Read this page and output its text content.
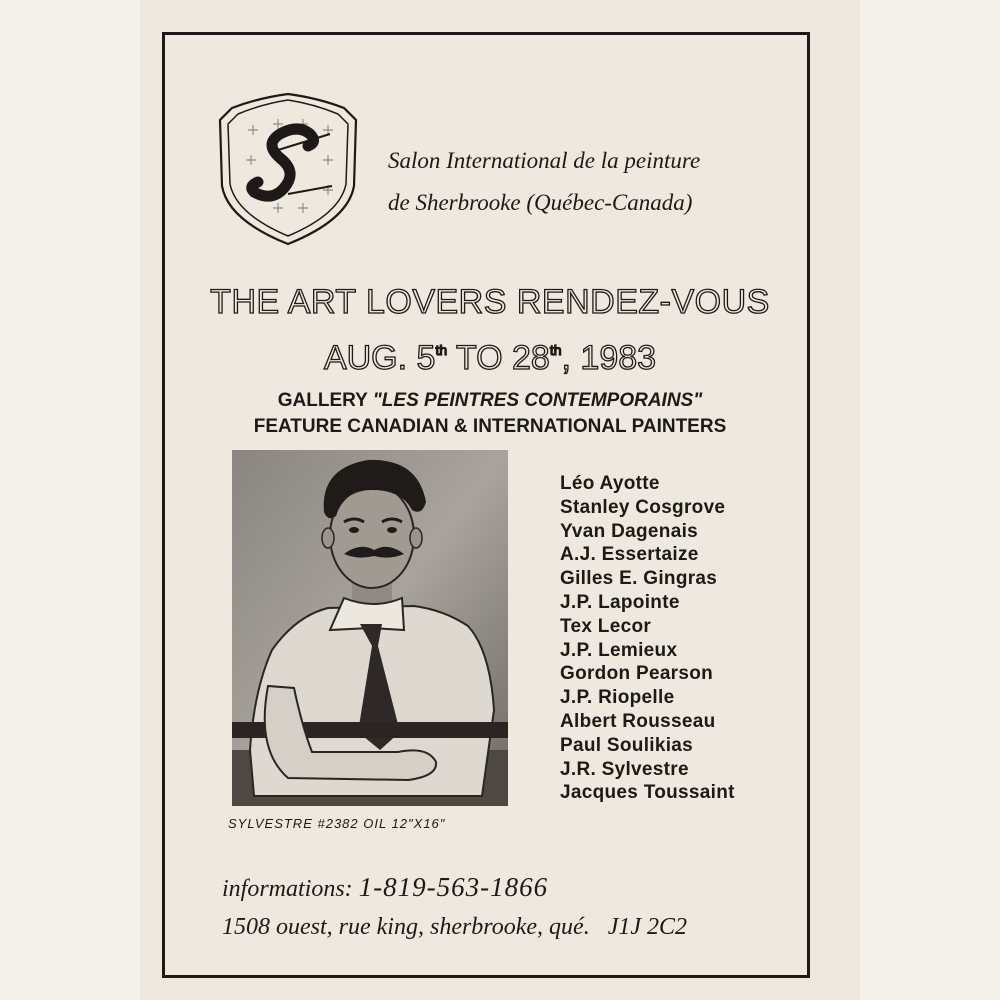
Salon International de la peinture
de Sherbrooke (Québec-Canada)
THE ART LOVERS RENDEZ-VOUS
AUG. 5th TO 28th, 1983
GALLERY "LES PEINTRES CONTEMPORAINS"
FEATURE CANADIAN & INTERNATIONAL PAINTERS
SYLVESTRE #2382 OIL 12"X16"
Léo Ayotte
Stanley Cosgrove
Yvan Dagenais
A.J. Essertaize
Gilles E. Gingras
J.P. Lapointe
Tex Lecor
J.P. Lemieux
Gordon Pearson
J.P. Riopelle
Albert Rousseau
Paul Soulikias
J.R. Sylvestre
Jacques Toussaint
informations: 1-819-563-1866
1508 ouest, rue king, sherbrooke, qué. J1J 2C2
